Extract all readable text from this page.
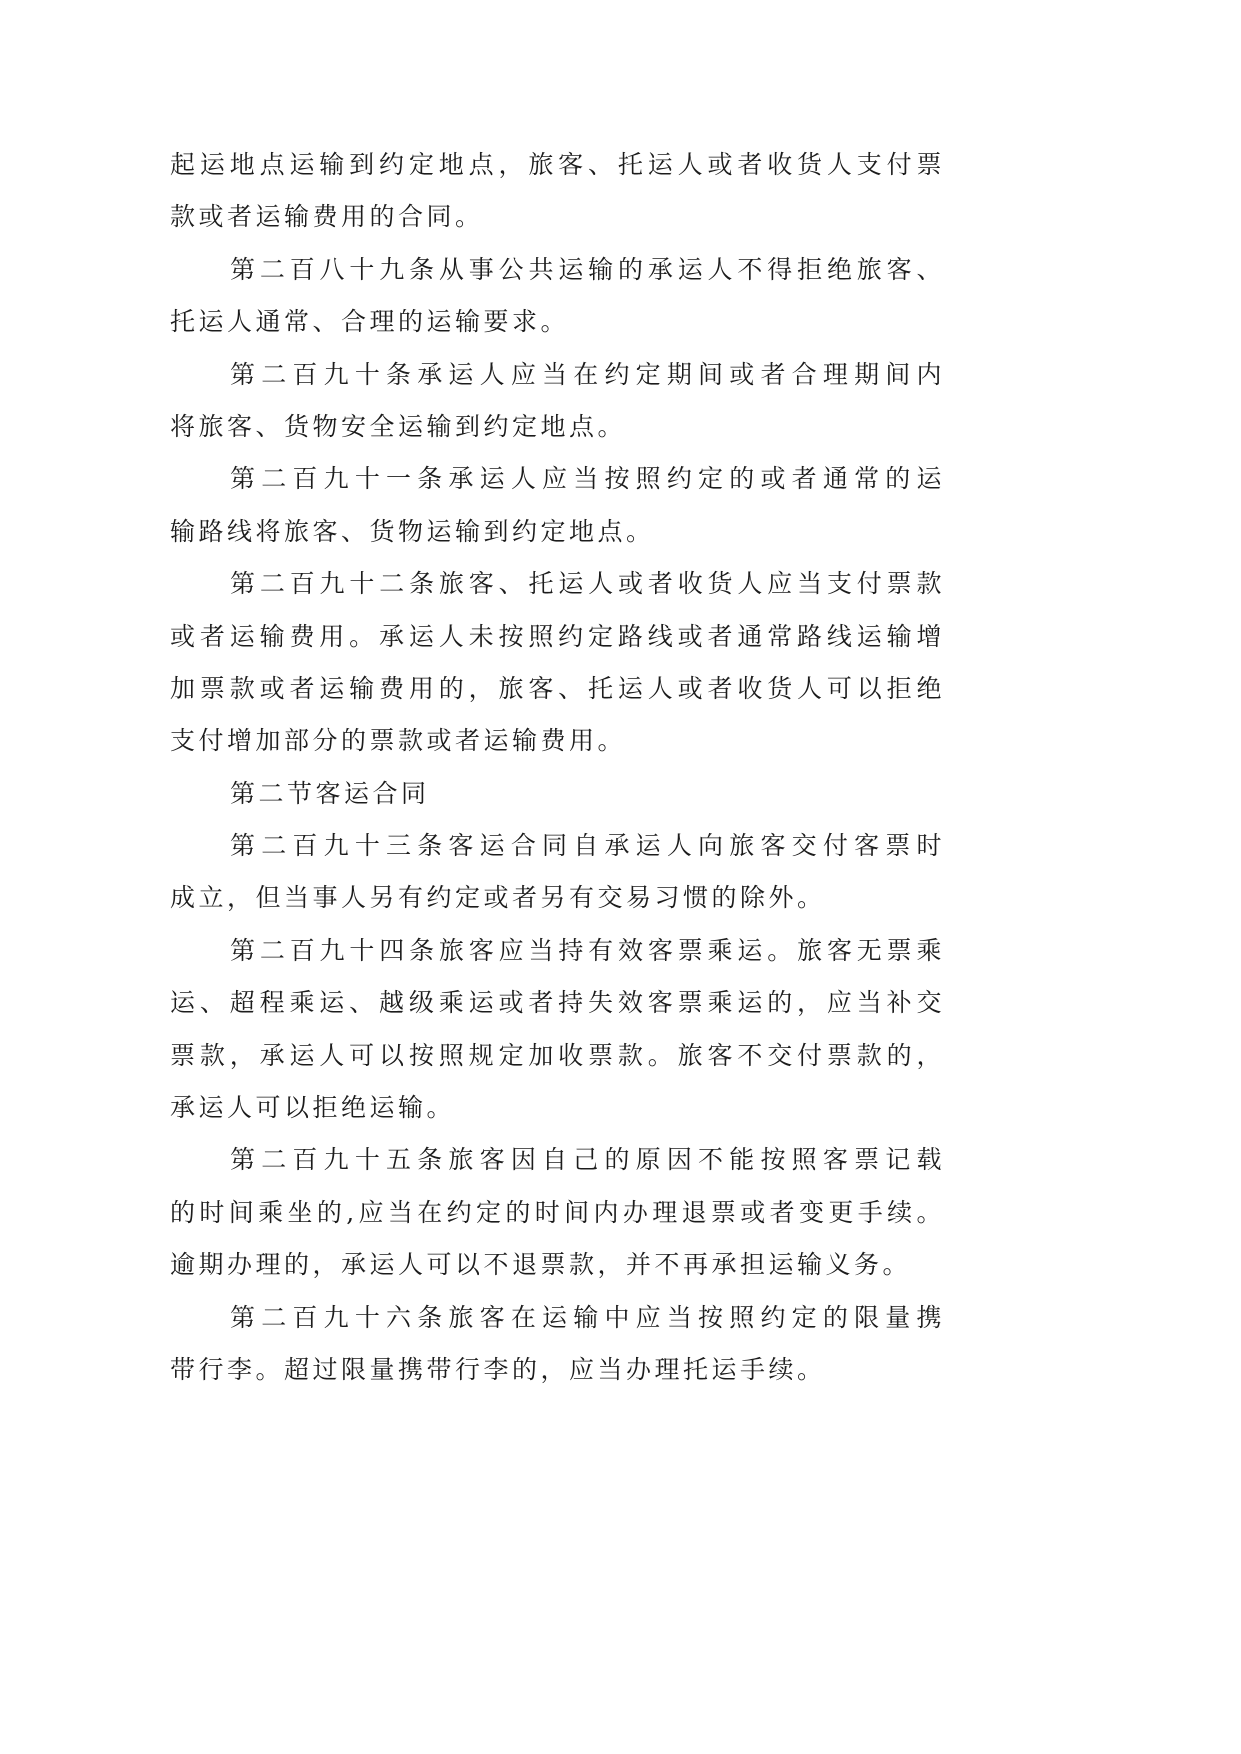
起运地点运输到约定地点，旅客、托运人或者收货人支付票
款或者运输费用的合同。
第二百八十九条从事公共运输的承运人不得拒绝旅客、
托运人通常、合理的运输要求。
第二百九十条承运人应当在约定期间或者合理期间内
将旅客、货物安全运输到约定地点。
第二百九十一条承运人应当按照约定的或者通常的运
输路线将旅客、货物运输到约定地点。
第二百九十二条旅客、托运人或者收货人应当支付票款
或者运输费用。承运人未按照约定路线或者通常路线运输增
加票款或者运输费用的，旅客、托运人或者收货人可以拒绝
支付增加部分的票款或者运输费用。
第二节客运合同
第二百九十三条客运合同自承运人向旅客交付客票时
成立，但当事人另有约定或者另有交易习惯的除外。
第二百九十四条旅客应当持有效客票乘运。旅客无票乘
运、超程乘运、越级乘运或者持失效客票乘运的，应当补交
票款，承运人可以按照规定加收票款。旅客不交付票款的，
承运人可以拒绝运输。
第二百九十五条旅客因自己的原因不能按照客票记载
的时间乘坐的,应当在约定的时间内办理退票或者变更手续。
逾期办理的，承运人可以不退票款，并不再承担运输义务。
第二百九十六条旅客在运输中应当按照约定的限量携
带行李。超过限量携带行李的，应当办理托运手续。
